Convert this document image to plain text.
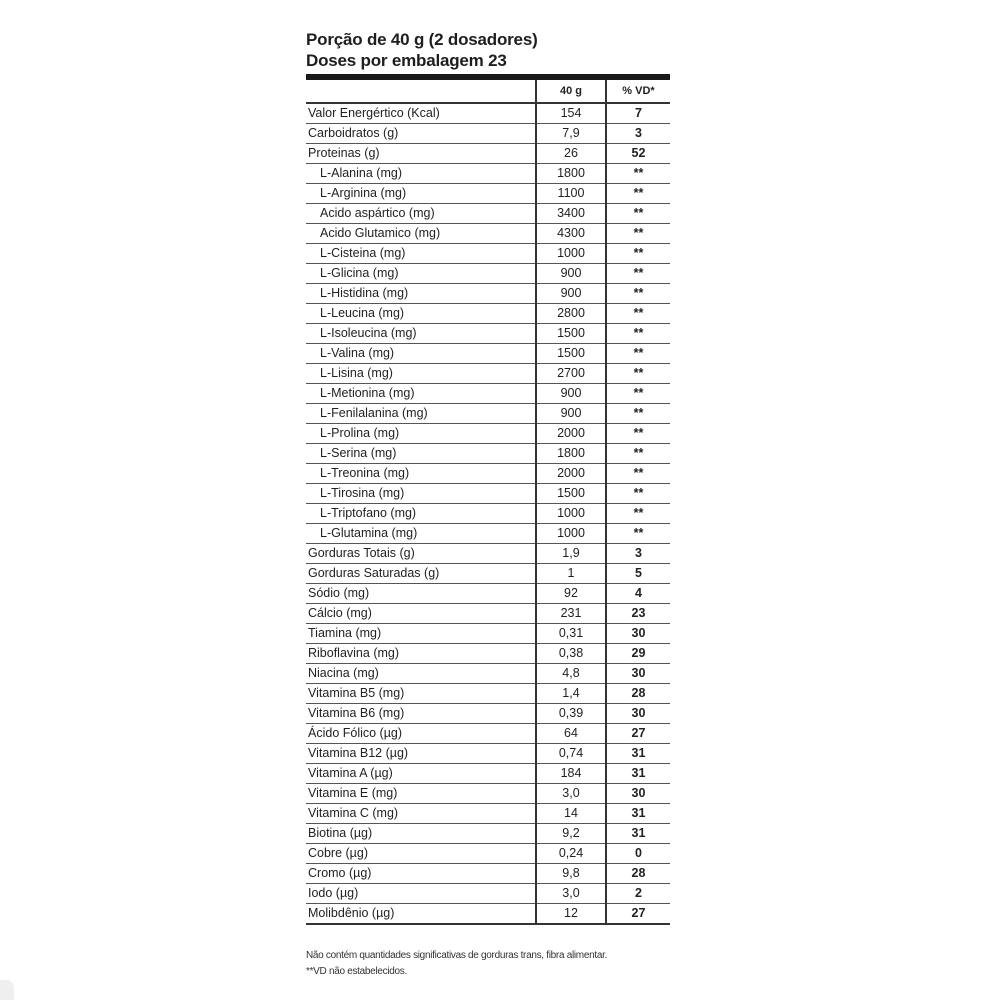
Porção de 40 g (2 dosadores)
Doses por embalagem 23
	40 g	% VD*
Valor Energértico (Kcal)	154	7
Carboidratos (g)	7,9	3
Proteinas (g)	26	52
L-Alanina (mg)	1800	**
L-Arginina (mg)	1100	**
Acido aspártico (mg)	3400	**
Acido Glutamico (mg)	4300	**
L-Cisteina (mg)	1000	**
L-Glicina (mg)	900	**
L-Histidina (mg)	900	**
L-Leucina (mg)	2800	**
L-Isoleucina (mg)	1500	**
L-Valina (mg)	1500	**
L-Lisina (mg)	2700	**
L-Metionina (mg)	900	**
L-Fenilalanina (mg)	900	**
L-Prolina (mg)	2000	**
L-Serina (mg)	1800	**
L-Treonina (mg)	2000	**
L-Tirosina (mg)	1500	**
L-Triptofano (mg)	1000	**
L-Glutamina (mg)	1000	**
Gorduras Totais (g)	1,9	3
Gorduras Saturadas (g)	1	5
Sódio (mg)	92	4
Cálcio (mg)	231	23
Tiamina (mg)	0,31	30
Riboflavina (mg)	0,38	29
Niacina (mg)	4,8	30
Vitamina B5 (mg)	1,4	28
Vitamina B6 (mg)	0,39	30
Ácido Fólico (µg)	64	27
Vitamina B12 (µg)	0,74	31
Vitamina A (µg)	184	31
Vitamina E (mg)	3,0	30
Vitamina C (mg)	14	31
Biotina (µg)	9,2	31
Cobre (µg)	0,24	0
Cromo (µg)	9,8	28
Iodo (µg)	3,0	2
Molibdênio (µg)	12	27
Não contém quantidades significativas de gorduras trans, fibra alimentar.
**VD não estabelecidos.
